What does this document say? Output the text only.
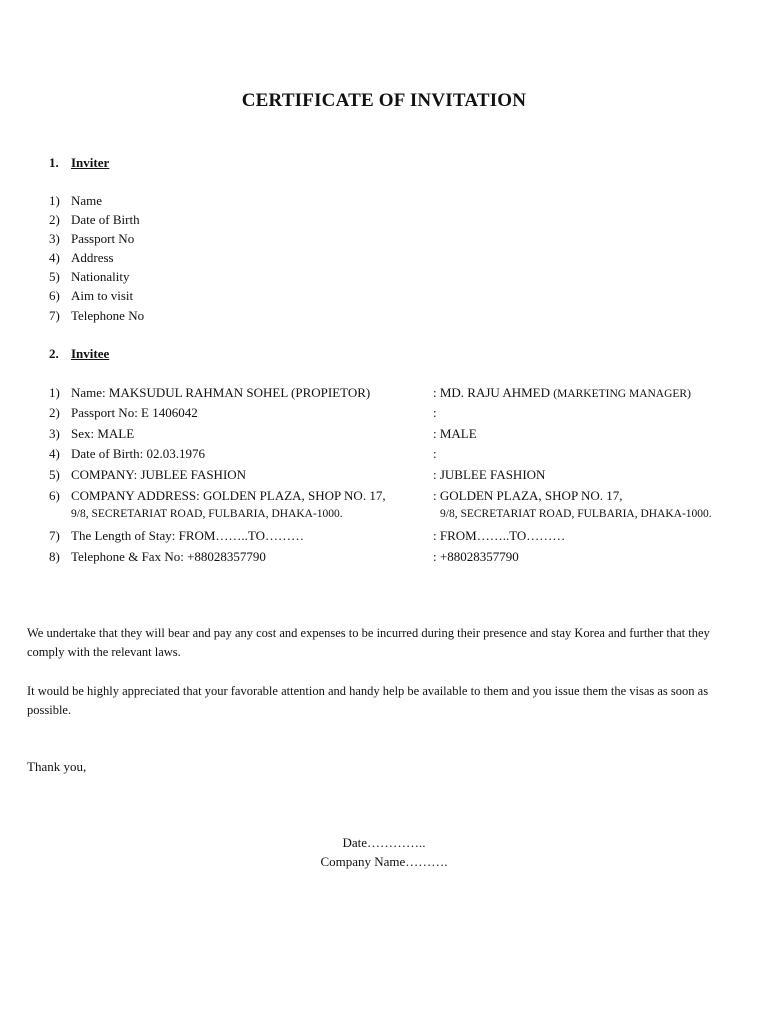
CERTIFICATE OF INVITATION
1. Inviter
1) Name
2) Date of Birth
3) Passport No
4) Address
5) Nationality
6) Aim to visit
7) Telephone No
2. Invitee
1) Name: MAKSUDUL RAHMAN SOHEL (PROPIETOR)
2) Passport No: E 1406042
3) Sex: MALE
4) Date of Birth: 02.03.1976
5) COMPANY: JUBLEE FASHION
6) COMPANY ADDRESS: GOLDEN PLAZA, SHOP NO. 17,
9/8, SECRETARIAT ROAD, FULBARIA, DHAKA-1000.
7) The Length of Stay: FROM……..TO………
8) Telephone & Fax No: +88028357790
: MD. RAJU AHMED (MARKETING MANAGER)
:
: MALE
:
: JUBLEE FASHION
: GOLDEN PLAZA, SHOP NO. 17,
9/8, SECRETARIAT ROAD, FULBARIA, DHAKA-1000.
: FROM……..TO………
: +88028357790
We undertake that they will bear and pay any cost and expenses to be incurred during their presence and stay Korea and further that they comply with the relevant laws.
It would be highly appreciated that your favorable attention and handy help be available to them and you issue them the visas as soon as possible.
Thank you,
Date…………..
Company Name……….
